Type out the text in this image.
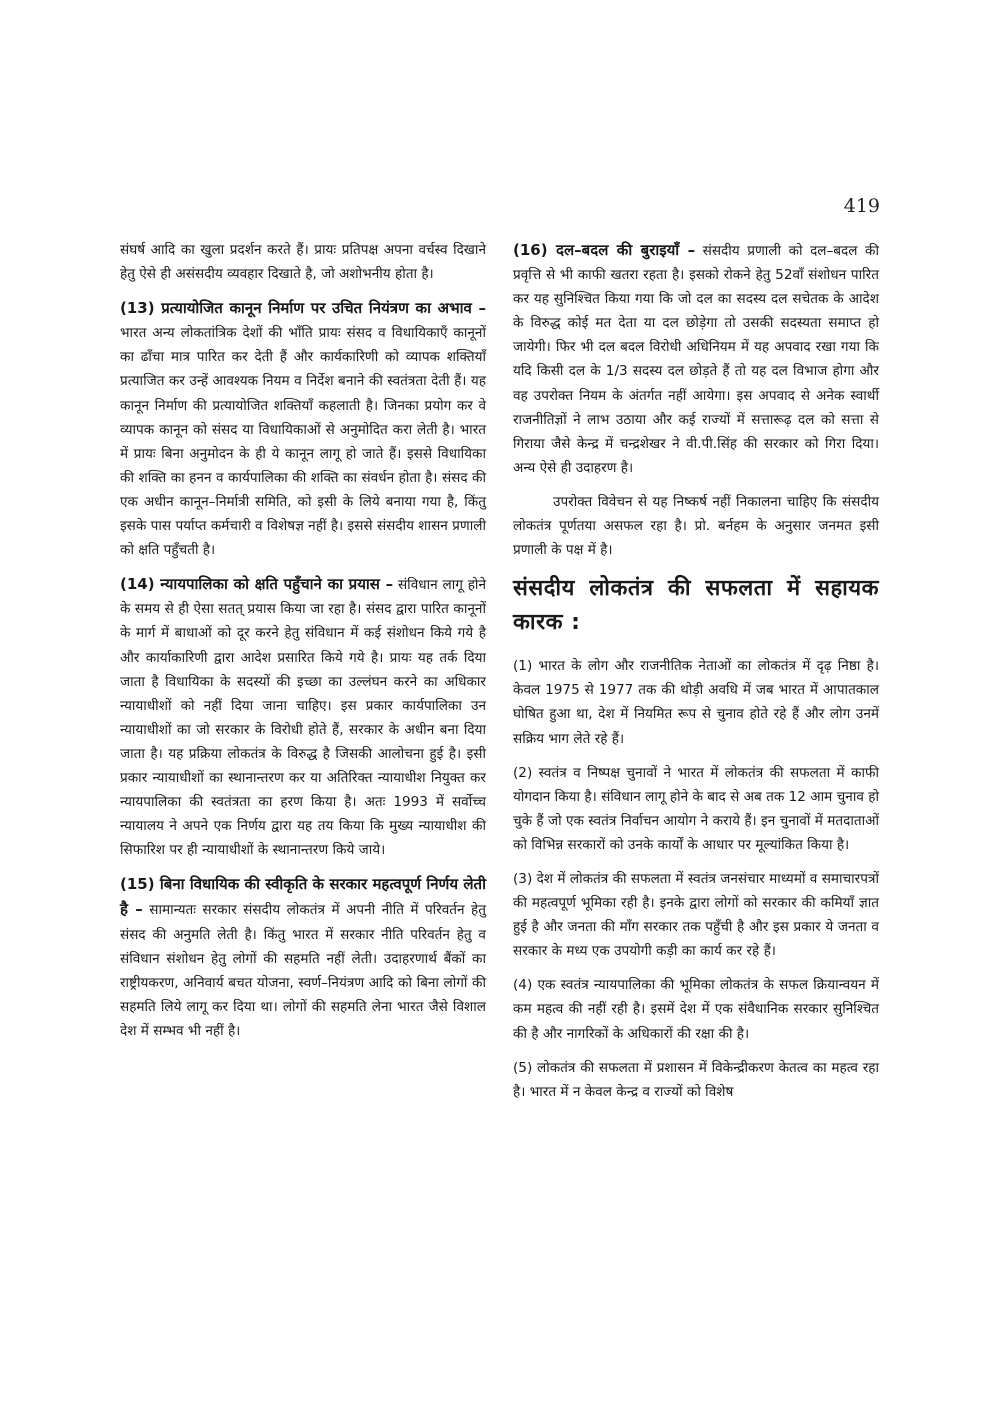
419

संघर्ष आदि का खुला प्रदर्शन करते हैं। प्रायः प्रतिपक्ष अपना वर्चस्व दिखाने हेतु ऐसे ही असंसदीय व्यवहार दिखाते है, जो अशोभनीय होता है।

(13) प्रत्यायोजित कानून निर्माण पर उचित नियंत्रण का अभाव – भारत अन्य लोकतांत्रिक देशों की भाँति प्रायः संसद व विधायिकाएँ कानूनों का ढाँचा मात्र पारित कर देती हैं और कार्यकारिणी को व्यापक शक्तियाँ प्रत्याजित कर उन्हें आवश्यक नियम व निर्देश बनाने की स्वतंत्रता देती हैं। यह कानून निर्माण की प्रत्यायोजित शक्तियाँ कहलाती है। जिनका प्रयोग कर वे व्यापक कानून को संसद या विधायिकाओं से अनुमोदित करा लेती है। भारत में प्रायः बिना अनुमोदन के ही ये कानून लागू हो जाते हैं। इससे विधायिका की शक्ति का हनन व कार्यपालिका की शक्ति का संवर्धन होता है। संसद की एक अधीन कानून–निर्मात्री समिति, को इसी के लिये बनाया गया है, किंतु इसके पास पर्याप्त कर्मचारी व विशेषज्ञ नहीं है। इससे संसदीय शासन प्रणाली को क्षति पहुँचती है।

(14) न्यायपालिका को क्षति पहुँचाने का प्रयास – संविधान लागू होने के समय से ही ऐसा सतत् प्रयास किया जा रहा है। संसद द्वारा पारित कानूनों के मार्ग में बाधाओं को दूर करने हेतु संविधान में कई संशोधन किये गये है और कार्याकारिणी द्वारा आदेश प्रसारित किये गये है। प्रायः यह तर्क दिया जाता है विधायिका के सदस्यों की इच्छा का उल्लंघन करने का अधिकार न्यायाधीशों को नहीं दिया जाना चाहिए। इस प्रकार कार्यपालिका उन न्यायाधीशों का जो सरकार के विरोधी होते हैं, सरकार के अधीन बना दिया जाता है। यह प्रक्रिया लोकतंत्र के विरुद्ध है जिसकी आलोचना हुई है। इसी प्रकार न्यायाधीशों का स्थानान्तरण कर या अतिरिक्त न्यायाधीश नियुक्त कर न्यायपालिका की स्वतंत्रता का हरण किया है। अतः 1993 में सर्वोच्च न्यायालय ने अपने एक निर्णय द्वारा यह तय किया कि मुख्य न्यायाधीश की सिफारिश पर ही न्यायाधीशों के स्थानान्तरण किये जाये।

(15) बिना विधायिक की स्वीकृति के सरकार महत्वपूर्ण निर्णय लेती है – सामान्यतः सरकार संसदीय लोकतंत्र में अपनी नीति में परिवर्तन हेतु संसद की अनुमति लेती है। किंतु भारत में सरकार नीति परिवर्तन हेतु व संविधान संशोधन हेतु लोगों की सहमति नहीं लेती। उदाहरणार्थ बैंकों का राष्ट्रीयकरण, अनिवार्य बचत योजना, स्वर्ण–नियंत्रण आदि को बिना लोगों की सहमति लिये लागू कर दिया था। लोगों की सहमति लेना भारत जैसे विशाल देश में सम्भव भी नहीं है।

(16) दल–बदल की बुराइयाँ – संसदीय प्रणाली को दल–बदल की प्रवृत्ति से भी काफी खतरा रहता है। इसको रोकने हेतु 52वाँ संशोधन पारित कर यह सुनिश्चित किया गया कि जो दल का सदस्य दल सचेतक के आदेश के विरुद्ध कोई मत देता या दल छोड़ेगा तो उसकी सदस्यता समाप्त हो जायेगी। फिर भी दल बदल विरोधी अधिनियम में यह अपवाद रखा गया कि यदि किसी दल के 1/3 सदस्य दल छोड़ते हैं तो यह दल विभाज होगा और वह उपरोक्त नियम के अंतर्गत नहीं आयेगा। इस अपवाद से अनेक स्वार्थी राजनीतिज्ञों ने लाभ उठाया और कई राज्यों में सत्तारूढ़ दल को सत्ता से गिराया जैसे केन्द्र में चन्द्रशेखर ने वी.पी.सिंह की सरकार को गिरा दिया। अन्य ऐसे ही उदाहरण है।

उपरोक्त विवेचन से यह निष्कर्ष नहीं निकालना चाहिए कि संसदीय लोकतंत्र पूर्णतया असफल रहा है। प्रो. बर्नहम के अनुसार जनमत इसी प्रणाली के पक्ष में है।

संसदीय लोकतंत्र की सफलता में सहायक कारक :

(1) भारत के लोग और राजनीतिक नेताओं का लोकतंत्र में दृढ़ निष्ठा है। केवल 1975 से 1977 तक की थोड़ी अवधि में जब भारत में आपातकाल घोषित हुआ था, देश में नियमित रूप से चुनाव होते रहे हैं और लोग उनमें सक्रिय भाग लेते रहे हैं।

(2) स्वतंत्र व निष्पक्ष चुनावों ने भारत में लोकतंत्र की सफलता में काफी योगदान किया है। संविधान लागू होने के बाद से अब तक 12 आम चुनाव हो चुके हैं जो एक स्वतंत्र निर्वाचन आयोग ने कराये हैं। इन चुनावों में मतदाताओं को विभिन्न सरकारों को उनके कार्यों के आधार पर मूल्यांकित किया है।

(3) देश में लोकतंत्र की सफलता में स्वतंत्र जनसंचार माध्यमों व समाचारपत्रों की महत्वपूर्ण भूमिका रही है। इनके द्वारा लोगों को सरकार की कमियाँ ज्ञात हुई है और जनता की माँग सरकार तक पहुँची है और इस प्रकार ये जनता व सरकार के मध्य एक उपयोगी कड़ी का कार्य कर रहे हैं।

(4) एक स्वतंत्र न्यायपालिका की भूमिका लोकतंत्र के सफल क्रियान्वयन में कम महत्व की नहीं रही है। इसमें देश में एक संवैधानिक सरकार सुनिश्चित की है और नागरिकों के अधिकारों की रक्षा की है।

(5) लोकतंत्र की सफलता में प्रशासन में विकेन्द्रीकरण केतत्व का महत्व रहा है। भारत में न केवल केन्द्र व राज्यों को विशेष
